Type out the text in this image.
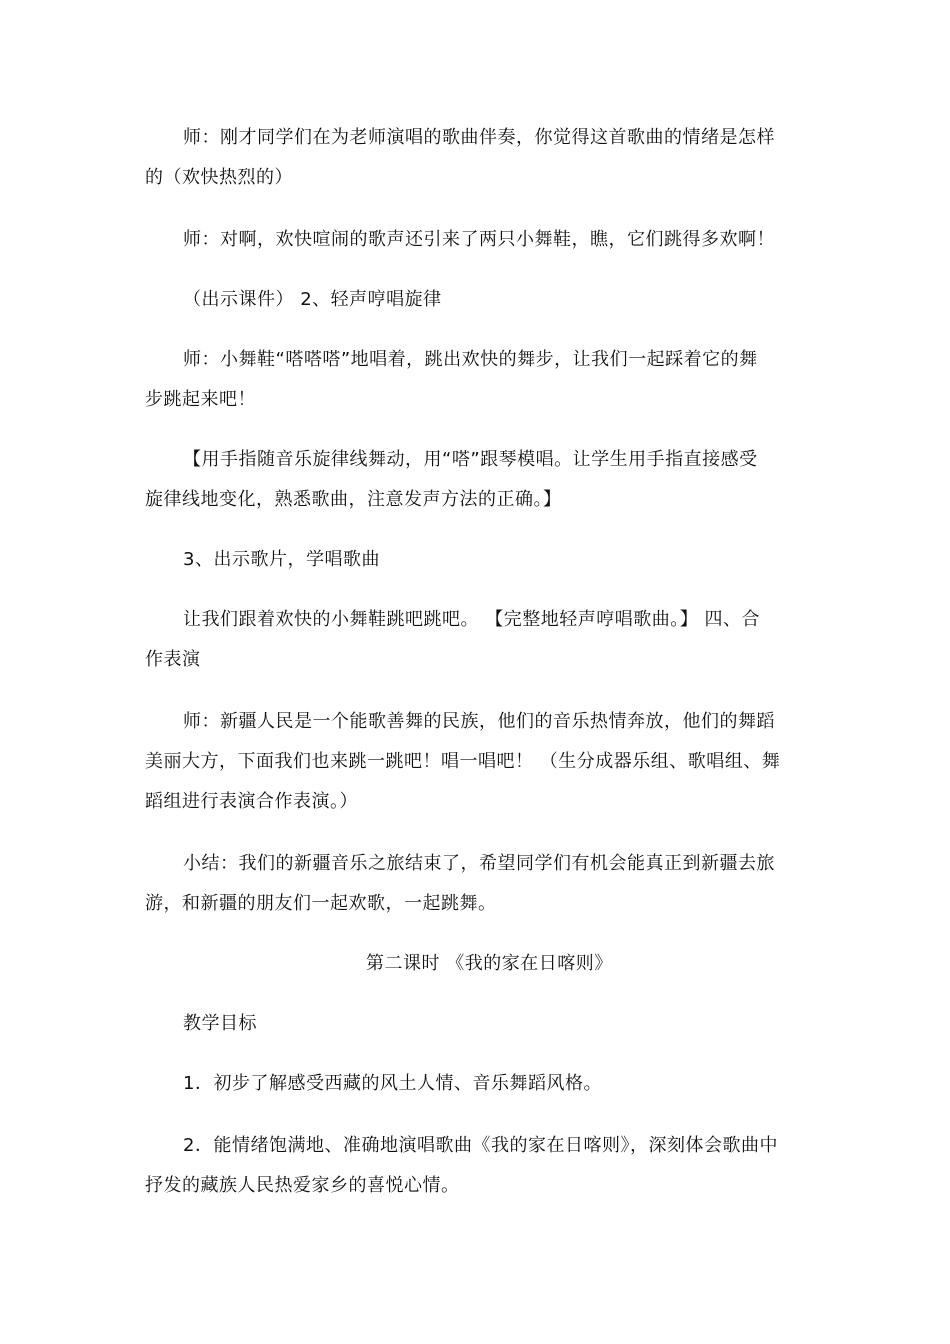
师：刚才同学们在为老师演唱的歌曲伴奏，你觉得这首歌曲的情绪是怎样
的（欢快热烈的）
师：对啊，欢快喧闹的歌声还引来了两只小舞鞋，瞧，它们跳得多欢啊！
（出示课件） 2、轻声哼唱旋律
师：小舞鞋“嗒嗒嗒”地唱着，跳出欢快的舞步，让我们一起踩着它的舞
步跳起来吧！
【用手指随音乐旋律线舞动，用“嗒”跟琴模唱。让学生用手指直接感受
旋律线地变化，熟悉歌曲，注意发声方法的正确。】
3、出示歌片，学唱歌曲
让我们跟着欢快的小舞鞋跳吧跳吧。 【完整地轻声哼唱歌曲。】 四、合
作表演
师：新疆人民是一个能歌善舞的民族，他们的音乐热情奔放，他们的舞蹈
美丽大方，下面我们也来跳一跳吧！唱一唱吧！ （生分成器乐组、歌唱组、舞
蹈组进行表演合作表演。）
小结：我们的新疆音乐之旅结束了，希望同学们有机会能真正到新疆去旅
游，和新疆的朋友们一起欢歌，一起跳舞。
第二课时 《我的家在日喀则》
教学目标
1．初步了解感受西藏的风土人情、音乐舞蹈风格。
2．能情绪饱满地、准确地演唱歌曲《我的家在日喀则》，深刻体会歌曲中
抒发的藏族人民热爱家乡的喜悦心情。
